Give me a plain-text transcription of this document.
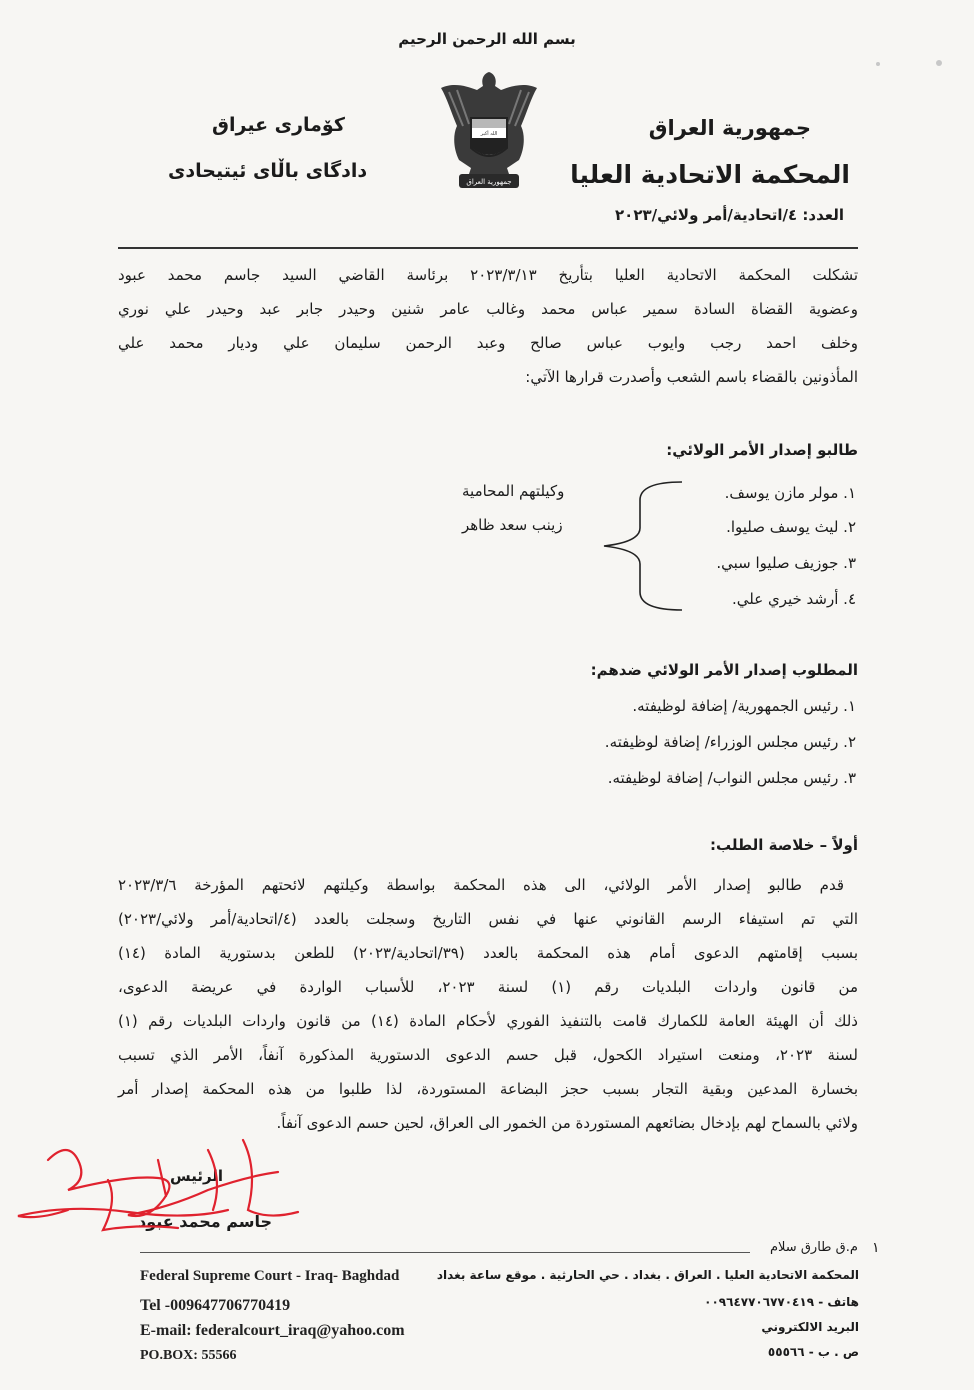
بسم الله الرحمن الرحيم
جمهورية العراق
المحكمة الاتحادية العليا
العدد: ٤/اتحادية/أمر ولائي/٢٠٢٣
كۆماری عيراق
دادگای باڵای ئيتيحادی
الله أكبر
جمهورية العراق
تشكلت المحكمة الاتحادية العليا بتأريخ ٢٠٢٣/٣/١٣ برئاسة القاضي السيد جاسم محمد عبود
وعضوية القضاة السادة سمير عباس محمد وغالب عامر شنين وحيدر جابر عبد وحيدر علي نوري
وخلف احمد رجب وايوب عباس صالح وعبد الرحمن سليمان علي وديار محمد علي
المأذونين بالقضاء باسم الشعب وأصدرت قرارها الآتي:
طالبو إصدار الأمر الولائي:
١. مولر مازن يوسف.
٢. ليث يوسف صليوا.
٣. جوزيف صليوا سبي.
٤. أرشد خيري علي.
وكيلتهم المحامية
زينب سعد ظاهر
المطلوب إصدار الأمر الولائي ضدهم:
١. رئيس الجمهورية/ إضافة لوظيفته.
٢. رئيس مجلس الوزراء/ إضافة لوظيفته.
٣. رئيس مجلس النواب/ إضافة لوظيفته.
أولاً – خلاصة الطلب:
قدم طالبو إصدار الأمر الولائي، الى هذه المحكمة بواسطة وكيلتهم لائحتهم المؤرخة ٢٠٢٣/٣/٦
التي تم استيفاء الرسم القانوني عنها في نفس التاريخ وسجلت بالعدد (٤/اتحادية/أمر ولائي/٢٠٢٣)
بسبب إقامتهم الدعوى أمام هذه المحكمة بالعدد (٣٩/اتحادية/٢٠٢٣) للطعن بدستورية المادة (١٤)
من قانون واردات البلديات رقم (١) لسنة ٢٠٢٣، للأسباب الواردة في عريضة الدعوى،
ذلك أن الهيئة العامة للكمارك قامت بالتنفيذ الفوري لأحكام المادة (١٤) من قانون واردات البلديات رقم (١)
لسنة ٢٠٢٣، ومنعت استيراد الكحول، قبل حسم الدعوى الدستورية المذكورة آنفاً، الأمر الذي تسبب
بخسارة المدعين وبقية التجار بسبب حجز البضاعة المستوردة، لذا طلبوا من هذه المحكمة إصدار أمر
ولائي بالسماح لهم بإدخال بضائعهم المستوردة من الخمور الى العراق، لحين حسم الدعوى آنفاً.
الرئيس
جاسم محمد عبود
١
م.ق طارق سلام
Federal Supreme Court - Iraq- Baghdad
Tel -009647706770419
E-mail: federalcourt_iraq@yahoo.com
PO.BOX: 55566
المحكمة الاتحادية العليا . العراق . بغداد . حي الحارثية . موقع ساعة بغداد
هاتف - ٠٠٩٦٤٧٧٠٦٧٧٠٤١٩
البريد الالكتروني
ص . ب - ٥٥٥٦٦
